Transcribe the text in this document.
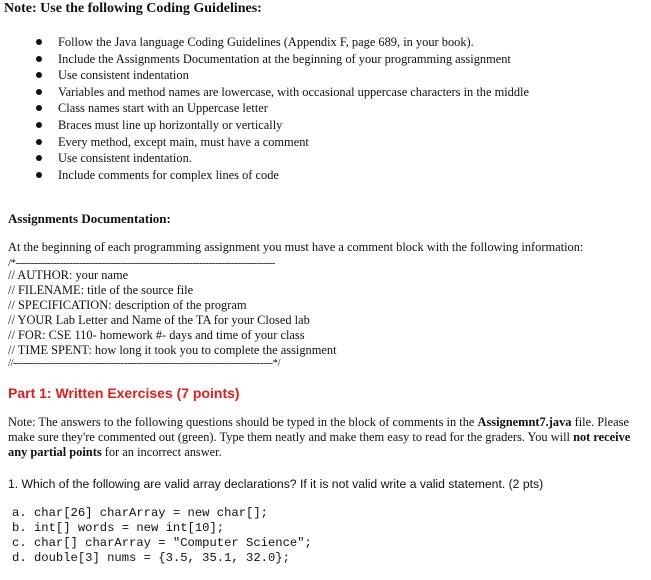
Note: Use the following Coding Guidelines:
Follow the Java language Coding Guidelines (Appendix F, page 689, in your book).
Include the Assignments Documentation at the beginning of your programming assignment
Use consistent indentation
Variables and method names are lowercase, with occasional uppercase characters in the middle
Class names start with an Uppercase letter
Braces must line up horizontally or vertically
Every method, except main, must have a comment
Use consistent indentation.
Include comments for complex lines of code
Assignments Documentation:
At the beginning of each programming assignment you must have a comment block with the following information:
/*----------------------------------------------------------------------------------
// AUTHOR: your name
// FILENAME: title of the source file
// SPECIFICATION: description of the program
// YOUR Lab Letter and Name of the TA for your Closed lab
// FOR: CSE 110- homework #- days and time of your class
// TIME SPENT: how long it took you to complete the assignment
//----------------------------------------------------------------------------------*/
Part 1: Written Exercises (7 points)
Note: The answers to the following questions should be typed in the block of comments in the Assignemnt7.java file. Please make sure they're commented out (green). Type them neatly and make them easy to read for the graders. You will not receive any partial points for an incorrect answer.
1. Which of the following are valid array declarations? If it is not valid write a valid statement. (2 pts)
a. char[26] charArray = new char[];
b. int[] words = new int[10];
c. char[] charArray = "Computer Science";
d. double[3] nums = {3.5, 35.1, 32.0};
